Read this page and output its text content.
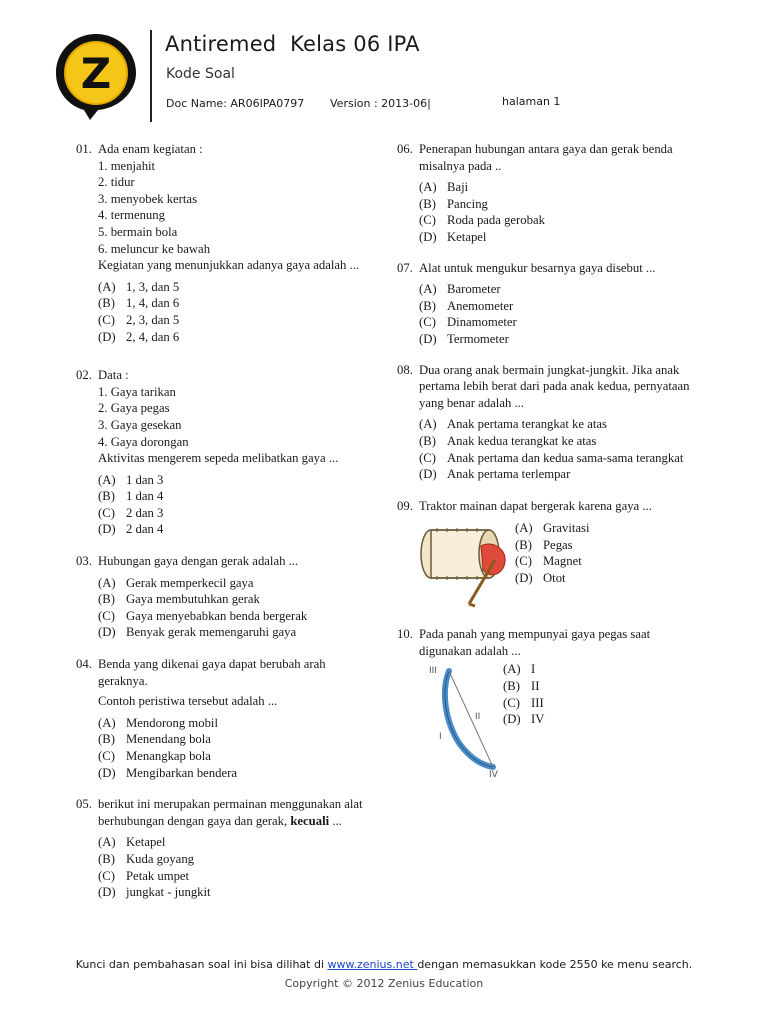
Z
Antiremed  Kelas 06 IPA
Kode Soal
Doc Name: AR06IPA0797 Version : 2013-06|	halaman 1
01. Ada enam kegiatan :
1. menjahit
2. tidur
3. menyobek kertas
4. termenung
5. bermain bola
6. meluncur ke bawah
Kegiatan yang menunjukkan adanya gaya adalah ...
(A) 1, 3, dan 5
(B) 1, 4, dan 6
(C) 2, 3, dan 5
(D) 2, 4, dan 6
02. Data :
1. Gaya tarikan
2. Gaya pegas
3. Gaya gesekan
4. Gaya dorongan
Aktivitas mengerem sepeda melibatkan gaya ...
(A) 1 dan 3
(B) 1 dan 4
(C) 2 dan 3
(D) 2 dan 4
03. Hubungan gaya dengan gerak adalah ...
(A) Gerak memperkecil gaya
(B) Gaya membutuhkan gerak
(C) Gaya menyebabkan benda bergerak
(D) Benyak gerak memengaruhi gaya
04. Benda yang dikenai gaya dapat berubah arah geraknya.
Contoh peristiwa tersebut adalah ...
(A) Mendorong mobil
(B) Menendang bola
(C) Menangkap bola
(D) Mengibarkan bendera
05. berikut ini merupakan permainan menggunakan alat berhubungan dengan gaya dan gerak, kecuali ...
(A) Ketapel
(B) Kuda goyang
(C) Petak umpet
(D) jungkat - jungkit
06. Penerapan hubungan antara gaya dan gerak benda misalnya pada ..
(A) Baji
(B) Pancing
(C) Roda pada gerobak
(D) Ketapel
07. Alat untuk mengukur besarnya gaya disebut ...
(A) Barometer
(B) Anemometer
(C) Dinamometer
(D) Termometer
08. Dua orang anak bermain jungkat-jungkit. Jika anak pertama lebih berat dari pada anak kedua, pernyataan yang benar adalah ...
(A) Anak pertama terangkat ke atas
(B) Anak kedua terangkat ke atas
(C) Anak pertama dan kedua sama-sama terangkat
(D) Anak pertama terlempar
09. Traktor mainan dapat bergerak karena gaya ...
(A) Gravitasi
(B) Pegas
(C) Magnet
(D) Otot
10. Pada panah yang mempunyai gaya pegas saat digunakan adalah ...
III
II
I
IV
(A) I
(B) II
(C) III
(D) IV
Kunci dan pembahasan soal ini bisa dilihat di www.zenius.net dengan memasukkan kode 2550 ke menu search.
Copyright © 2012 Zenius Education
